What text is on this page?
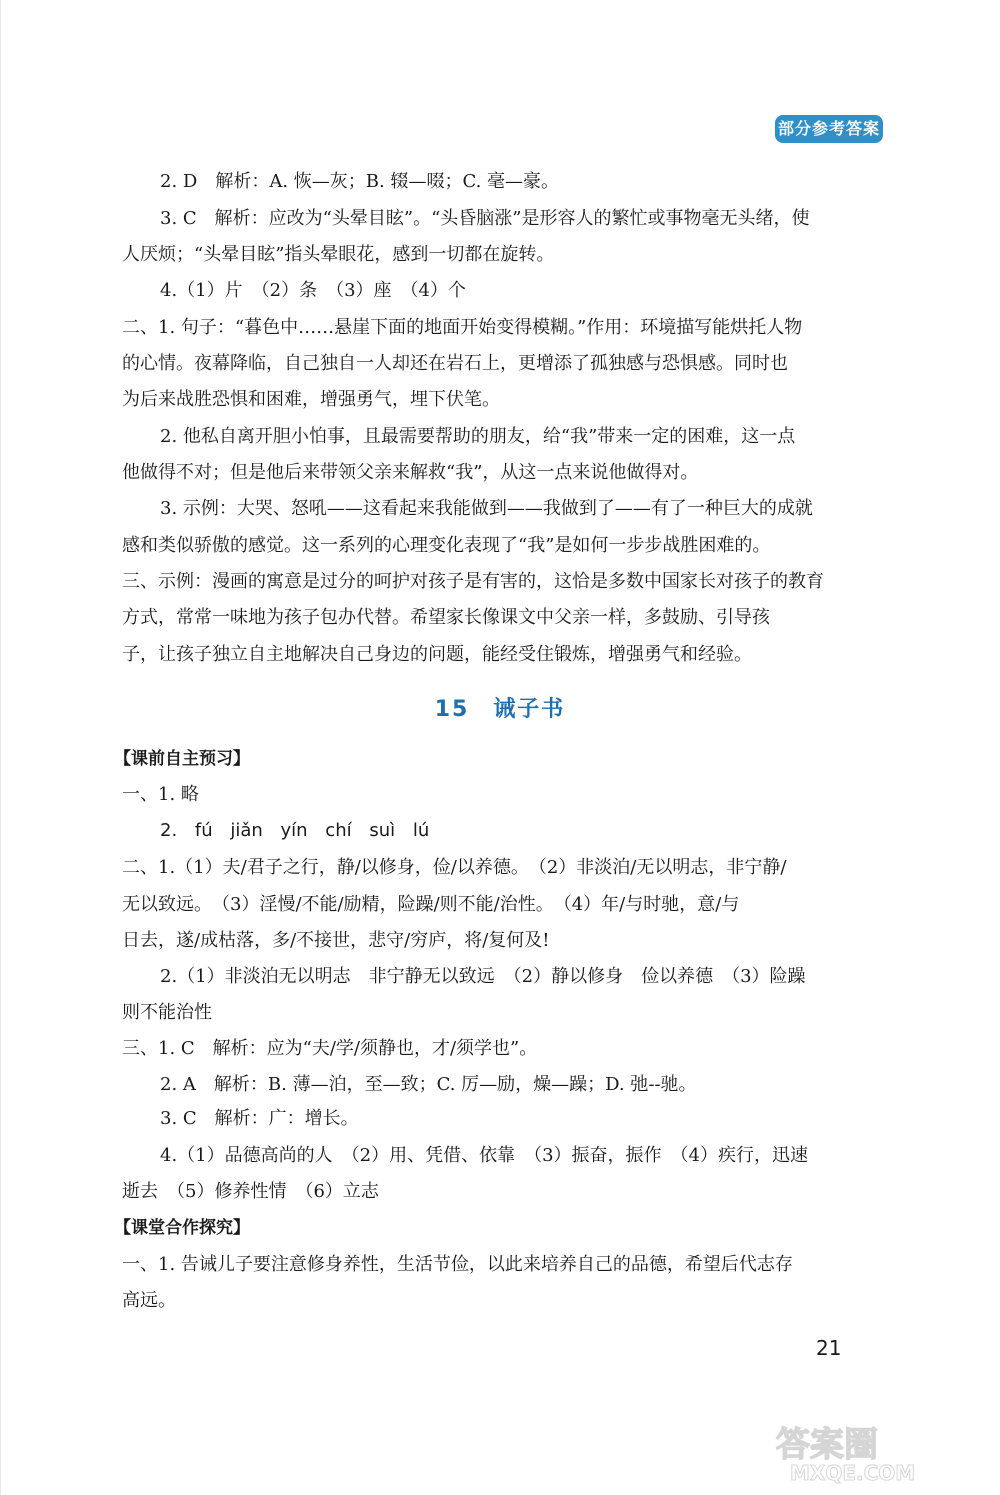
部分参考答案
2. D　解析：A. 恢—灰；B. 辍—啜；C. 毫—豪。
3. C　解析：应改为“头晕目眩”。“头昏脑涨”是形容人的繁忙或事物毫无头绪，使
人厌烦；“头晕目眩”指头晕眼花，感到一切都在旋转。
4.（1）片　（2）条　（3）座　（4）个
二、1. 句子：“暮色中……悬崖下面的地面开始变得模糊。”作用：环境描写能烘托人物
的心情。夜幕降临，自己独自一人却还在岩石上，更增添了孤独感与恐惧感。同时也
为后来战胜恐惧和困难，增强勇气，埋下伏笔。
2. 他私自离开胆小怕事，且最需要帮助的朋友，给“我”带来一定的困难，这一点
他做得不对；但是他后来带领父亲来解救“我”，从这一点来说他做得对。
3. 示例：大哭、怒吼——这看起来我能做到——我做到了——有了一种巨大的成就
感和类似骄傲的感觉。这一系列的心理变化表现了“我”是如何一步步战胜困难的。
三、示例：漫画的寓意是过分的呵护对孩子是有害的，这恰是多数中国家长对孩子的教育
方式，常常一味地为孩子包办代替。希望家长像课文中父亲一样，多鼓励、引导孩
子，让孩子独立自主地解决自己身边的问题，能经受住锻炼，增强勇气和经验。
15　诫子书
【课前自主预习】
一、1. 略
2. fú jiǎn yín chí suì lú
二、1.（1）夫/君子之行，静/以修身，俭/以养德。　（2）非淡泊/无以明志，非宁静/
无以致远。　（3）淫慢/不能/励精，险躁/则不能/治性。　（4）年/与时驰，意/与
日去，遂/成枯落，多/不接世，悲守/穷庐，将/复何及!
2.（1）非淡泊无以明志　非宁静无以致远　（2）静以修身　俭以养德　（3）险躁
则不能治性
三、1. C　解析：应为“夫/学/须静也，才/须学也”。
2. A　解析：B. 薄—泊，至—致；C. 厉—励，燥—躁；D. 弛--驰。
3. C　解析：广：增长。
4.（1）品德高尚的人　（2）用、凭借、依靠　（3）振奋，振作　（4）疾行，迅速
逝去　（5）修养性情　（6）立志
【课堂合作探究】
一、1. 告诫儿子要注意修身养性，生活节俭，以此来培养自己的品德，希望后代志存
高远。
21
答案圈
MXQE.COM
